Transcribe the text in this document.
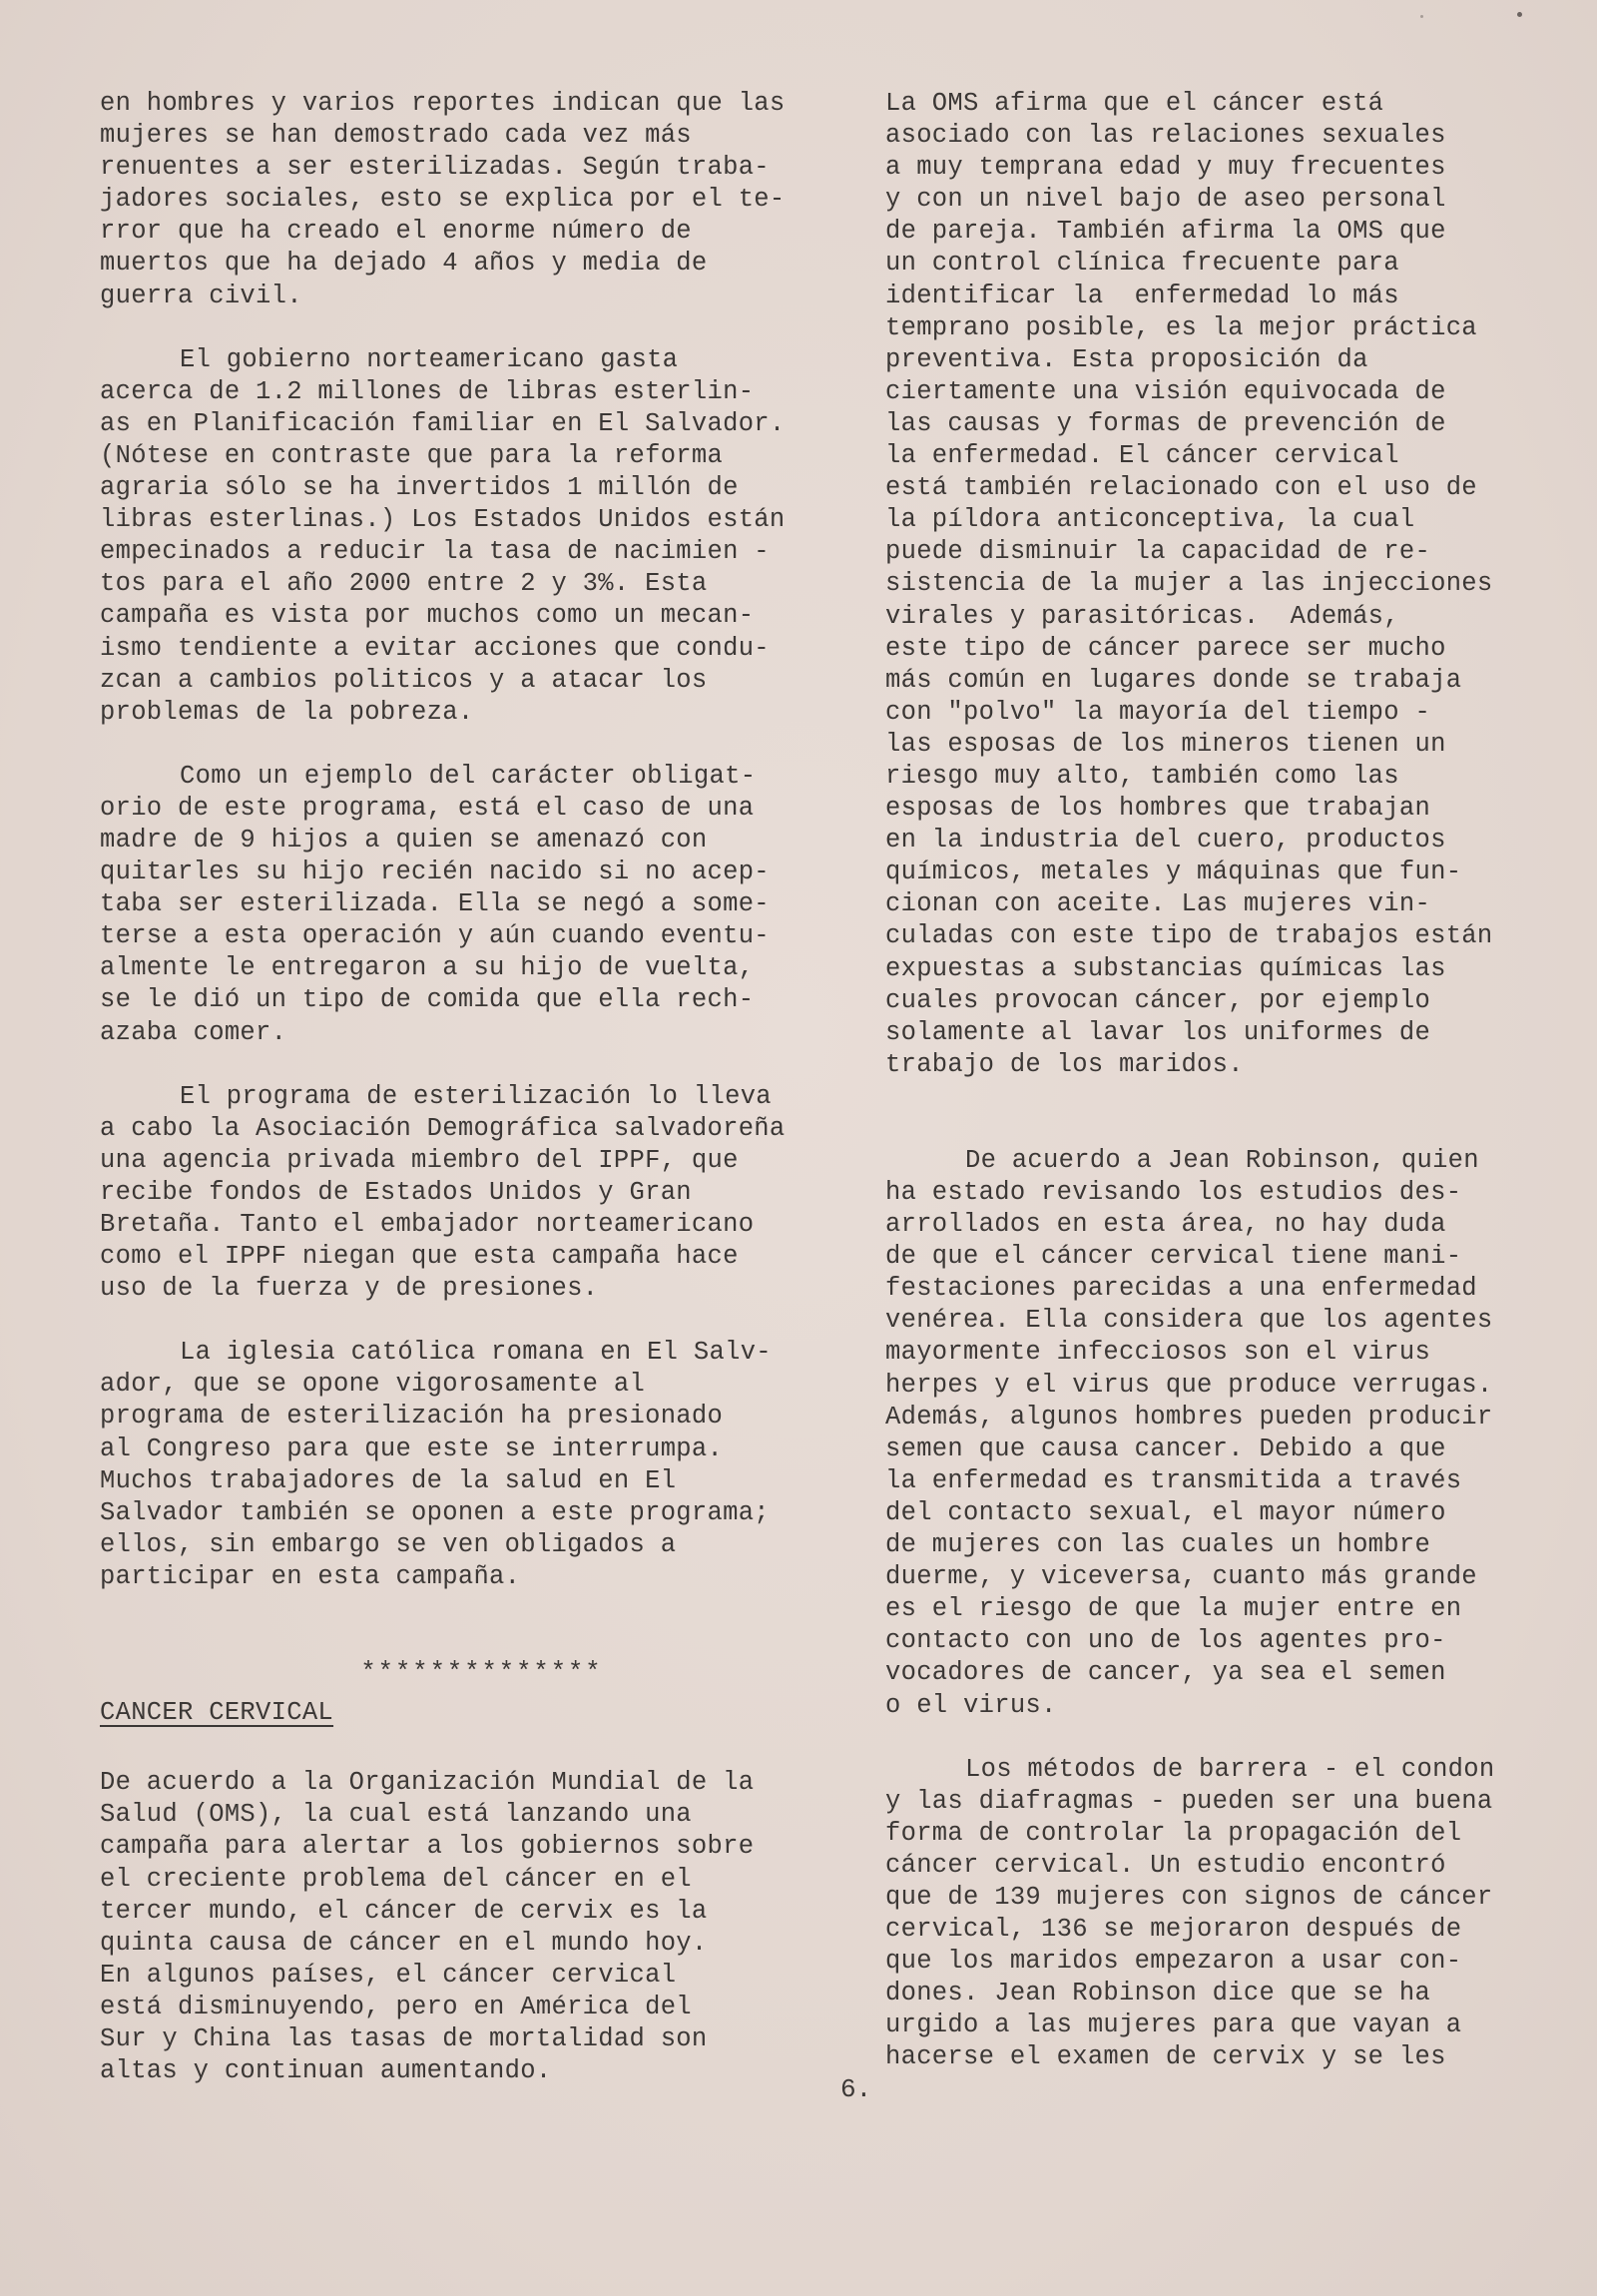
en hombres y varios reportes indican que las
mujeres se han demostrado cada vez más
renuentes a ser esterilizadas. Según traba-
jadores sociales, esto se explica por el te-
rror que ha creado el enorme número de
muertos que ha dejado 4 años y media de
guerra civil.
El gobierno norteamericano gasta
acerca de 1.2 millones de libras esterlin-
as en Planificación familiar en El Salvador.
(Nótese en contraste que para la reforma
agraria sólo se ha invertidos 1 millón de
libras esterlinas.) Los Estados Unidos están
empecinados a reducir la tasa de nacimien -
tos para el año 2000 entre 2 y 3%. Esta
campaña es vista por muchos como un mecan-
ismo tendiente a evitar acciones que condu-
zcan a cambios politicos y a atacar los
problemas de la pobreza.
Como un ejemplo del carácter obligat-
orio de este programa, está el caso de una
madre de 9 hijos a quien se amenazó con
quitarles su hijo recién nacido si no acep-
taba ser esterilizada. Ella se negó a some-
terse a esta operación y aún cuando eventu-
almente le entregaron a su hijo de vuelta,
se le dió un tipo de comida que ella rech-
azaba comer.
El programa de esterilización lo lleva
a cabo la Asociación Demográfica salvadoreña
una agencia privada miembro del IPPF, que
recibe fondos de Estados Unidos y Gran
Bretaña. Tanto el embajador norteamericano
como el IPPF niegan que esta campaña hace
uso de la fuerza y de presiones.
La iglesia católica romana en El Salv-
ador, que se opone vigorosamente al
programa de esterilización ha presionado
al Congreso para que este se interrumpa.
Muchos trabajadores de la salud en El
Salvador también se oponen a este programa;
ellos, sin embargo se ven obligados a
participar en esta campaña.
**************
CANCER CERVICAL
De acuerdo a la Organización Mundial de la
Salud (OMS), la cual está lanzando una
campaña para alertar a los gobiernos sobre
el creciente problema del cáncer en el
tercer mundo, el cáncer de cervix es la
quinta causa de cáncer en el mundo hoy.
En algunos países, el cáncer cervical
está disminuyendo, pero en América del
Sur y China las tasas de mortalidad son
altas y continuan aumentando.
La OMS afirma que el cáncer está
asociado con las relaciones sexuales
a muy temprana edad y muy frecuentes
y con un nivel bajo de aseo personal
de pareja. También afirma la OMS que
un control clínica frecuente para
identificar la  enfermedad lo más
temprano posible, es la mejor práctica
preventiva. Esta proposición da
ciertamente una visión equivocada de
las causas y formas de prevención de
la enfermedad. El cáncer cervical
está también relacionado con el uso de
la píldora anticonceptiva, la cual
puede disminuir la capacidad de re-
sistencia de la mujer a las injecciones
virales y parasitóricas.  Además,
este tipo de cáncer parece ser mucho
más común en lugares donde se trabaja
con "polvo" la mayoría del tiempo -
las esposas de los mineros tienen un
riesgo muy alto, también como las
esposas de los hombres que trabajan
en la industria del cuero, productos
químicos, metales y máquinas que fun-
cionan con aceite. Las mujeres vin-
culadas con este tipo de trabajos están
expuestas a substancias químicas las
cuales provocan cáncer, por ejemplo
solamente al lavar los uniformes de
trabajo de los maridos.
De acuerdo a Jean Robinson, quien
ha estado revisando los estudios des-
arrollados en esta área, no hay duda
de que el cáncer cervical tiene mani-
festaciones parecidas a una enfermedad
venérea. Ella considera que los agentes
mayormente infecciosos son el virus
herpes y el virus que produce verrugas.
Además, algunos hombres pueden producir
semen que causa cancer. Debido a que
la enfermedad es transmitida a través
del contacto sexual, el mayor número
de mujeres con las cuales un hombre
duerme, y viceversa, cuanto más grande
es el riesgo de que la mujer entre en
contacto con uno de los agentes pro-
vocadores de cancer, ya sea el semen
o el virus.
Los métodos de barrera - el condon
y las diafragmas - pueden ser una buena
forma de controlar la propagación del
cáncer cervical. Un estudio encontró
que de 139 mujeres con signos de cáncer
cervical, 136 se mejoraron después de
que los maridos empezaron a usar con-
dones. Jean Robinson dice que se ha
urgido a las mujeres para que vayan a
hacerse el examen de cervix y se les
6.
